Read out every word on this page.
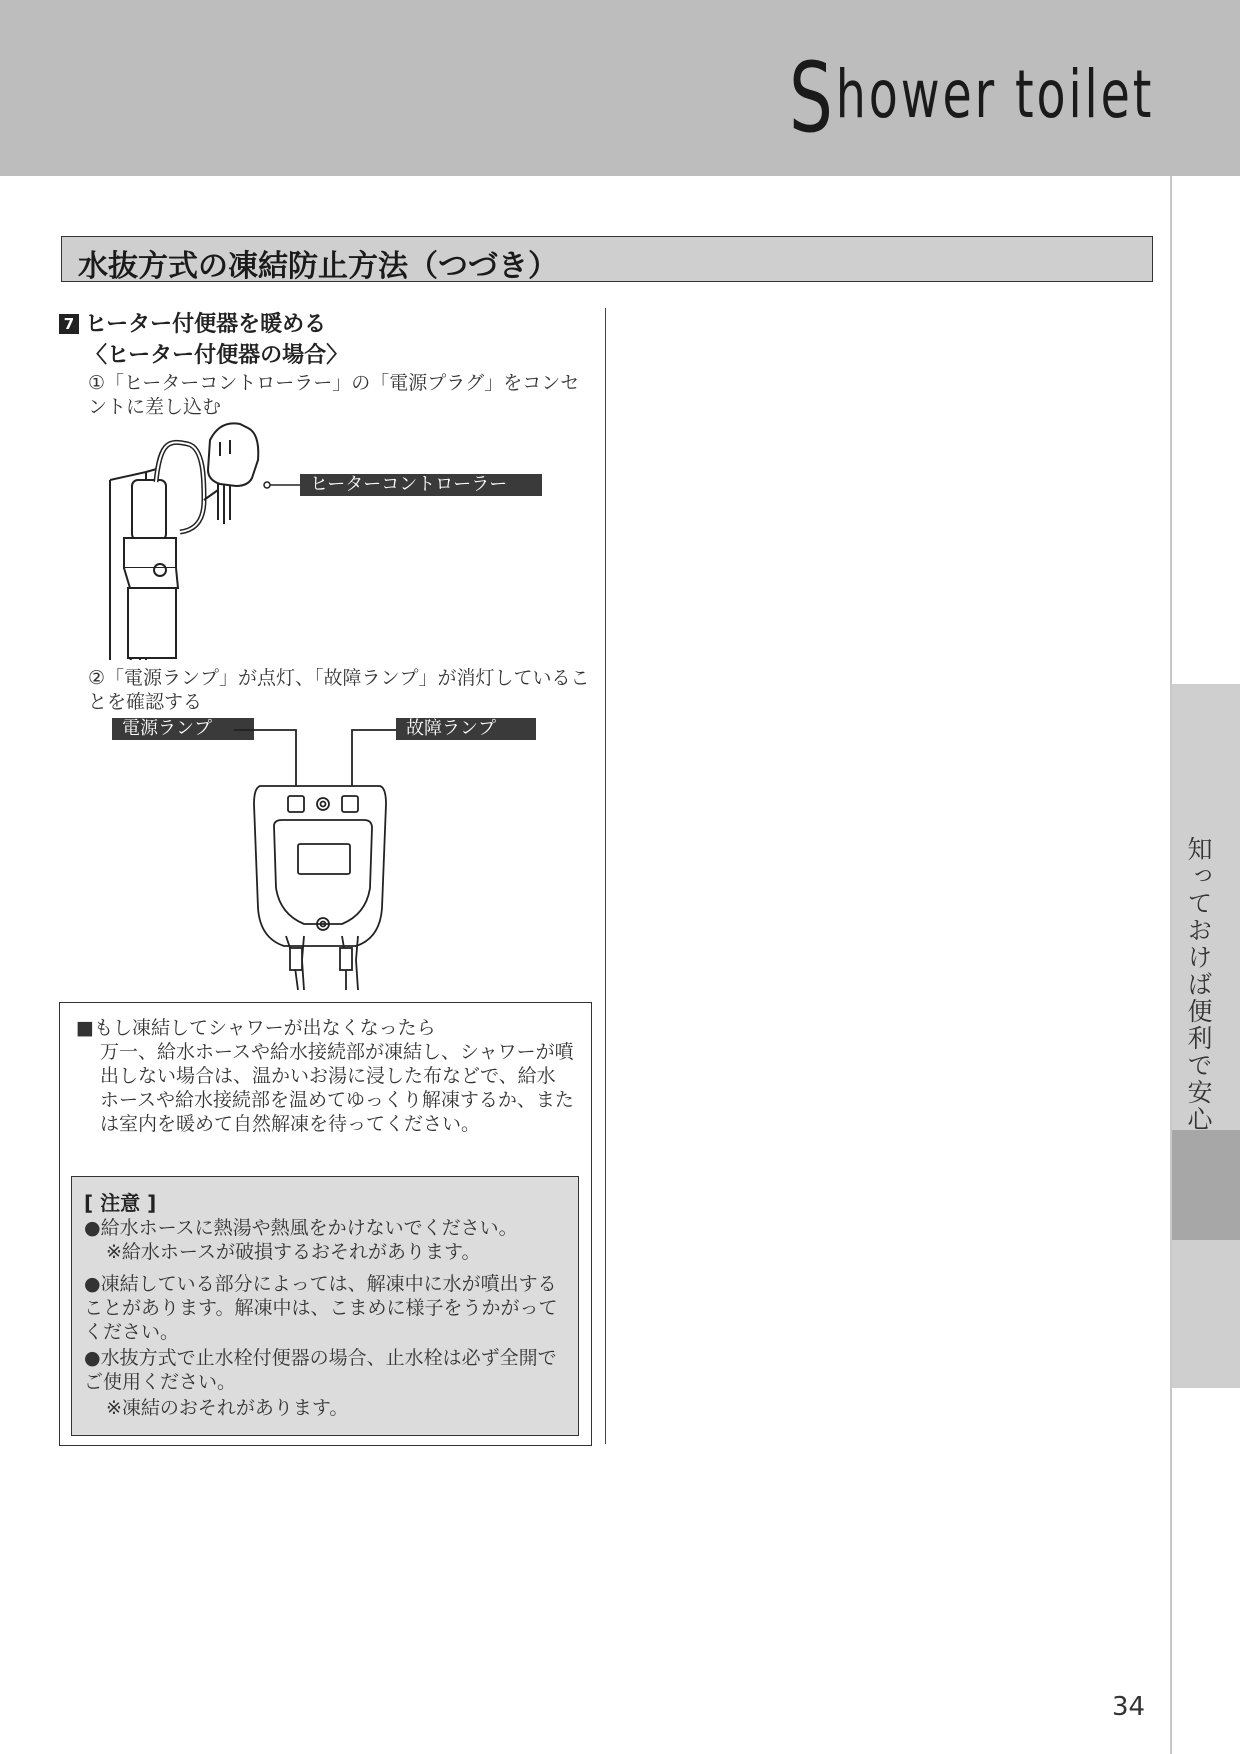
Shower toilet
知っておけば便利で安心
水抜方式の凍結防止方法（つづき）
7 ヒーター付便器を暖める
〈ヒーター付便器の場合〉
①「ヒーターコントローラー」の「電源プラグ」をコンセントに差し込む
ヒーターコントローラー
②「電源ランプ」が点灯、「故障ランプ」が消灯していることを確認する
電源ランプ	故障ランプ
■もし凍結してシャワーが出なくなったら
万一、給水ホースや給水接続部が凍結し、シャワーが噴出しない場合は、温かいお湯に浸した布などで、給水ホースや給水接続部を温めてゆっくり解凍するか、または室内を暖めて自然解凍を待ってください。
[ 注意 ]
●給水ホースに熱湯や熱風をかけないでください。
※給水ホースが破損するおそれがあります。
●凍結している部分によっては、解凍中に水が噴出することがあります。解凍中は、こまめに様子をうかがってください。
●水抜方式で止水栓付便器の場合、止水栓は必ず全開でご使用ください。
※凍結のおそれがあります。
34
